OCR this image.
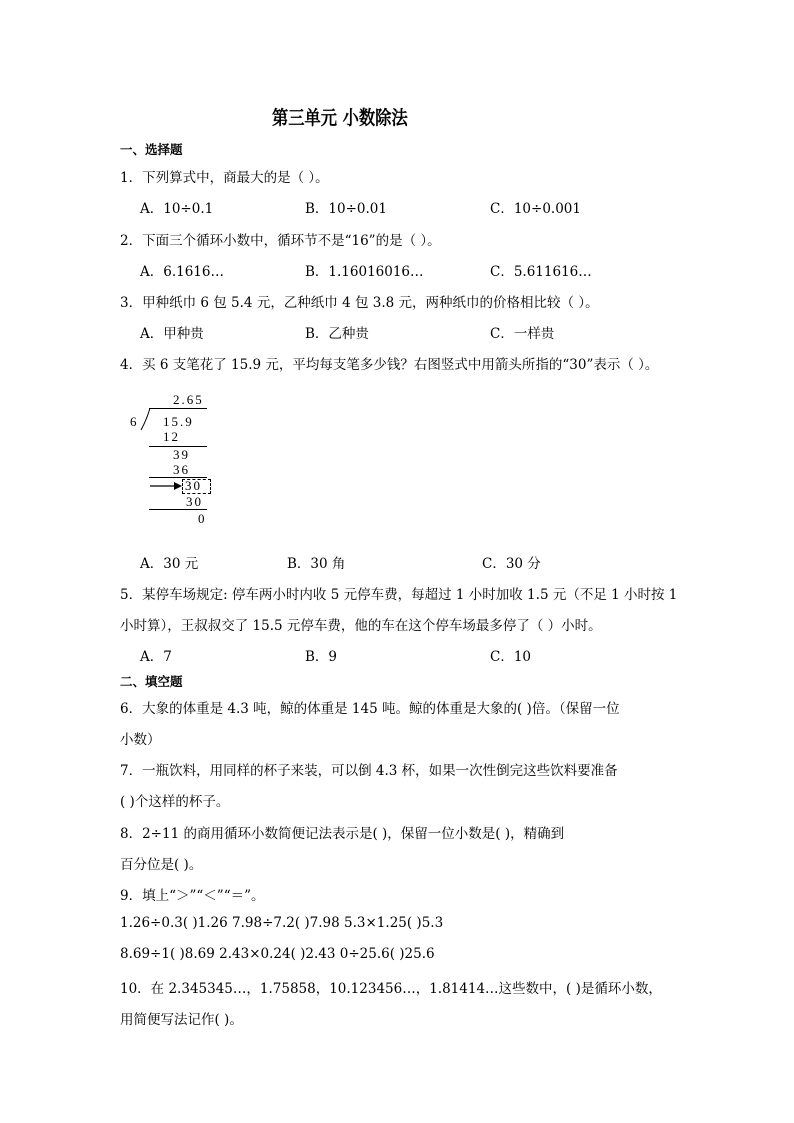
第三单元 小数除法
一、选择题
1．下列算式中，商最大的是（ ）。
A．10÷0.1	B．10÷0.01	C．10÷0.001
2．下面三个循环小数中，循环节不是“16”的是（ ）。
A．6.1616…	B．1.16016016…	C．5.611616…
3．甲种纸巾 6 包 5.4 元，乙种纸巾 4 包 3.8 元，两种纸巾的价格相比较（ ）。
A．甲种贵	B．乙种贵	C．一样贵
4．买 6 支笔花了 15.9 元，平均每支笔多少钱？右图竖式中用箭头所指的“30”表示（ ）。
2.65
6 15.9
12
39
36
30
30
0
A．30 元	B．30 角	C．30 分
5．某停车场规定: 停车两小时内收 5 元停车费，每超过 1 小时加收 1.5 元（不足 1 小时按 1
小时算），王叔叔交了 15.5 元停车费，他的车在这个停车场最多停了（ ）小时。
A．7	B．9	C．10
二、填空题
6．大象的体重是 4.3 吨，鲸的体重是 145 吨。鲸的体重是大象的( )倍。（保留一位
小数）
7．一瓶饮料，用同样的杯子来装，可以倒 4.3 杯，如果一次性倒完这些饮料要准备
( )个这样的杯子。
8．2÷11 的商用循环小数简便记法表示是( )，保留一位小数是( )，精确到
百分位是( )。
9．填上“＞”“＜”“＝”。
1.26÷0.3( )1.26 7.98÷7.2( )7.98 5.3×1.25( )5.3
8.69÷1( )8.69 2.43×0.24( )2.43 0÷25.6( )25.6
10．在 2.345345…，1.75858，10.123456…，1.81414…这些数中，( )是循环小数，
用简便写法记作( )。
